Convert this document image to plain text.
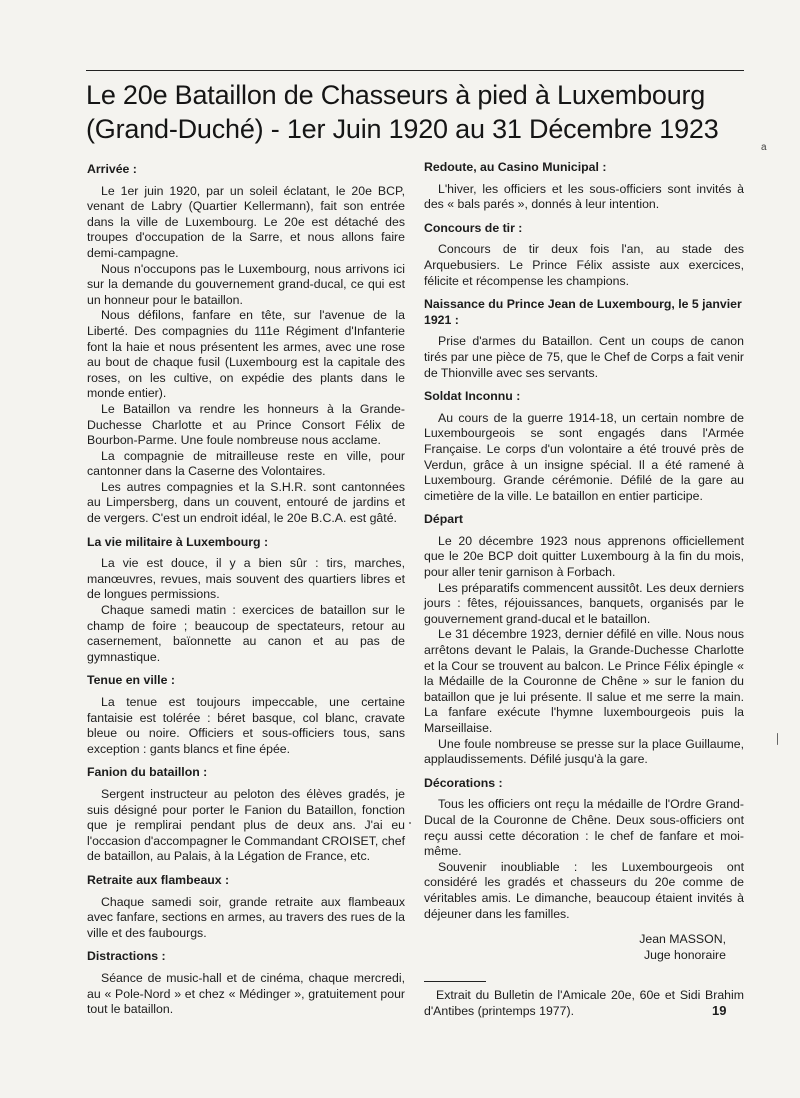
Le 20e Bataillon de Chasseurs à pied à Luxembourg
(Grand-Duché) - 1er Juin 1920 au 31 Décembre 1923
a

Arrivée :

Le 1er juin 1920, par un soleil éclatant, le 20e BCP, venant de Labry (Quartier Kellermann), fait son entrée dans la ville de Luxembourg. Le 20e est détaché des troupes d'occupation de la Sarre, et nous allons faire demi-campagne.

Nous n'occupons pas le Luxembourg, nous arrivons ici sur la demande du gouvernement grand-ducal, ce qui est un honneur pour le bataillon.

Nous défilons, fanfare en tête, sur l'avenue de la Liberté. Des compagnies du 111e Régiment d'Infanterie font la haie et nous présentent les armes, avec une rose au bout de chaque fusil (Luxembourg est la capitale des roses, on les cultive, on expédie des plants dans le monde entier).

Le Bataillon va rendre les honneurs à la Grande-Duchesse Charlotte et au Prince Consort Félix de Bourbon-Parme. Une foule nombreuse nous acclame.

La compagnie de mitrailleuse reste en ville, pour cantonner dans la Caserne des Volontaires.

Les autres compagnies et la S.H.R. sont cantonnées au Limpersberg, dans un couvent, entouré de jardins et de vergers. C'est un endroit idéal, le 20e B.C.A. est gâté.

La vie militaire à Luxembourg :

La vie est douce, il y a bien sûr : tirs, marches, manœuvres, revues, mais souvent des quartiers libres et de longues permissions.

Chaque samedi matin : exercices de bataillon sur le champ de foire ; beaucoup de spectateurs, retour au casernement, baïonnette au canon et au pas de gymnastique.

Tenue en ville :

La tenue est toujours impeccable, une certaine fantaisie est tolérée : béret basque, col blanc, cravate bleue ou noire. Officiers et sous-officiers tous, sans exception : gants blancs et fine épée.

Fanion du bataillon :

Sergent instructeur au peloton des élèves gradés, je suis désigné pour porter le Fanion du Bataillon, fonction que je remplirai pendant plus de deux ans. J'ai eu l'occasion d'accompagner le Commandant CROISET, chef de bataillon, au Palais, à la Légation de France, etc.

Retraite aux flambeaux :

Chaque samedi soir, grande retraite aux flambeaux avec fanfare, sections en armes, au travers des rues de la ville et des faubourgs.

Distractions :

Séance de music-hall et de cinéma, chaque mercredi, au « Pole-Nord » et chez « Médinger », gratuitement pour tout le bataillon.

Redoute, au Casino Municipal :

L'hiver, les officiers et les sous-officiers sont invités à des « bals parés », donnés à leur intention.

Concours de tir :

Concours de tir deux fois l'an, au stade des Arquebusiers. Le Prince Félix assiste aux exercices, félicite et récompense les champions.

Naissance du Prince Jean de Luxembourg, le 5 janvier 1921 :

Prise d'armes du Bataillon. Cent un coups de canon tirés par une pièce de 75, que le Chef de Corps a fait venir de Thionville avec ses servants.

Soldat Inconnu :

Au cours de la guerre 1914-18, un certain nombre de Luxembourgeois se sont engagés dans l'Armée Française. Le corps d'un volontaire a été trouvé près de Verdun, grâce à un insigne spécial. Il a été ramené à Luxembourg. Grande cérémonie. Défilé de la gare au cimetière de la ville. Le bataillon en entier participe.

Départ

Le 20 décembre 1923 nous apprenons officiellement que le 20e BCP doit quitter Luxembourg à la fin du mois, pour aller tenir garnison à Forbach.

Les préparatifs commencent aussitôt. Les deux derniers jours : fêtes, réjouissances, banquets, organisés par le gouvernement grand-ducal et le bataillon.

Le 31 décembre 1923, dernier défilé en ville. Nous nous arrêtons devant le Palais, la Grande-Duchesse Charlotte et la Cour se trouvent au balcon. Le Prince Félix épingle « la Médaille de la Couronne de Chêne » sur le fanion du bataillon que je lui présente. Il salue et me serre la main. La fanfare exécute l'hymne luxembourgeois puis la Marseillaise.

Une foule nombreuse se presse sur la place Guillaume, applaudissements. Défilé jusqu'à la gare.

Décorations :

Tous les officiers ont reçu la médaille de l'Ordre Grand-Ducal de la Couronne de Chêne. Deux sous-officiers ont reçu aussi cette décoration : le chef de fanfare et moi-même.

Souvenir inoubliable : les Luxembourgeois ont considéré les gradés et chasseurs du 20e comme de véritables amis. Le dimanche, beaucoup étaient invités à déjeuner dans les familles.

Jean MASSON,
Juge honoraire

Extrait du Bulletin de l'Amicale 20e, 60e et Sidi Brahim d'Antibes (printemps 1977).	19
